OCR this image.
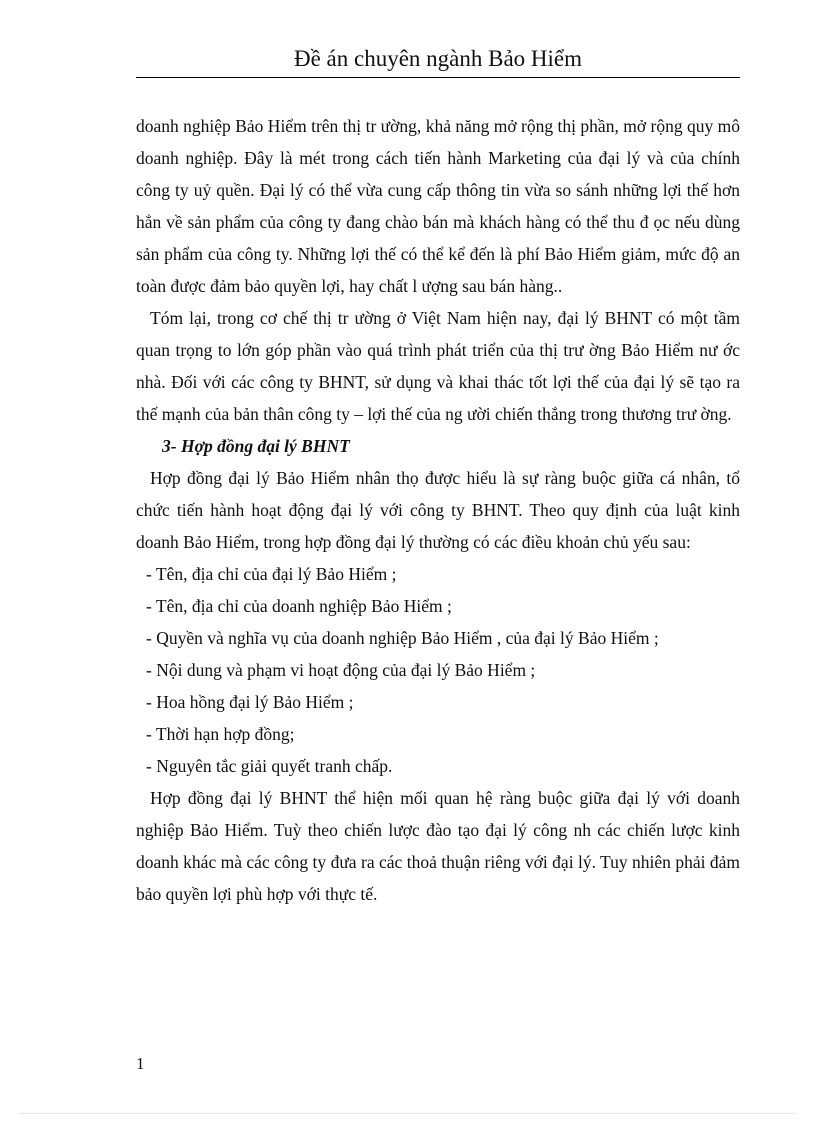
Đề án chuyên ngành Bảo Hiểm

doanh nghiệp Bảo Hiểm trên thị tr ường, khả năng mở rộng thị phần, mở rộng quy mô doanh nghiệp. Đây là mét trong cách tiến hành Marketing của đại lý và của chính công ty uỷ quền. Đại lý có thể vừa cung cấp thông tin vừa so sánh những lợi thế hơn hẳn về sản phẩm của công ty đang chào bán mà khách hàng có thể thu đ ọc nếu dùng sản phẩm của công ty. Những lợi thế có thể kể đến là phí Bảo Hiểm giảm, mức độ an toàn được đảm bảo quyền lợi, hay chất l ượng sau bán hàng..

Tóm lại, trong cơ chế thị tr ường ở Việt Nam hiện nay, đại lý BHNT có một tầm quan trọng to lớn góp phần vào quá trình phát triển của thị trư ờng Bảo Hiểm nư ớc nhà. Đối với các công ty BHNT, sử dụng và khai thác tốt lợi thế của đại lý sẽ tạo ra thế mạnh của bản thân công ty – lợi thế của ng ười chiến thắng trong thương trư ờng.

3- Hợp đồng đại lý BHNT

Hợp đồng đại lý Bảo Hiểm nhân thọ được hiểu là sự ràng buộc giữa cá nhân, tổ chức tiến hành hoạt động đại lý với công ty BHNT. Theo quy định của luật kinh doanh Bảo Hiểm, trong hợp đồng đại lý thường có các điều khoản chủ yếu sau:

- Tên, địa chỉ của đại lý Bảo Hiểm ;

- Tên, địa chỉ của doanh nghiệp Bảo Hiểm ;

- Quyền và nghĩa vụ của doanh nghiệp Bảo Hiểm , của đại lý Bảo Hiểm ;

- Nội dung và phạm vi hoạt động của đại lý Bảo Hiểm ;

- Hoa hồng đại lý Bảo Hiểm ;

- Thời hạn hợp đồng;

- Nguyên tắc giải quyết tranh chấp.

Hợp đồng đại lý BHNT thể hiện mối quan hệ ràng buộc giữa đại lý với doanh nghiệp Bảo Hiểm. Tuỳ theo chiến lược đào tạo đại lý công nh các chiến lược kinh doanh khác mà các công ty đưa ra các thoả thuận riêng với đại lý. Tuy nhiên phải đảm bảo quyền lợi phù hợp với thực tế.

1
